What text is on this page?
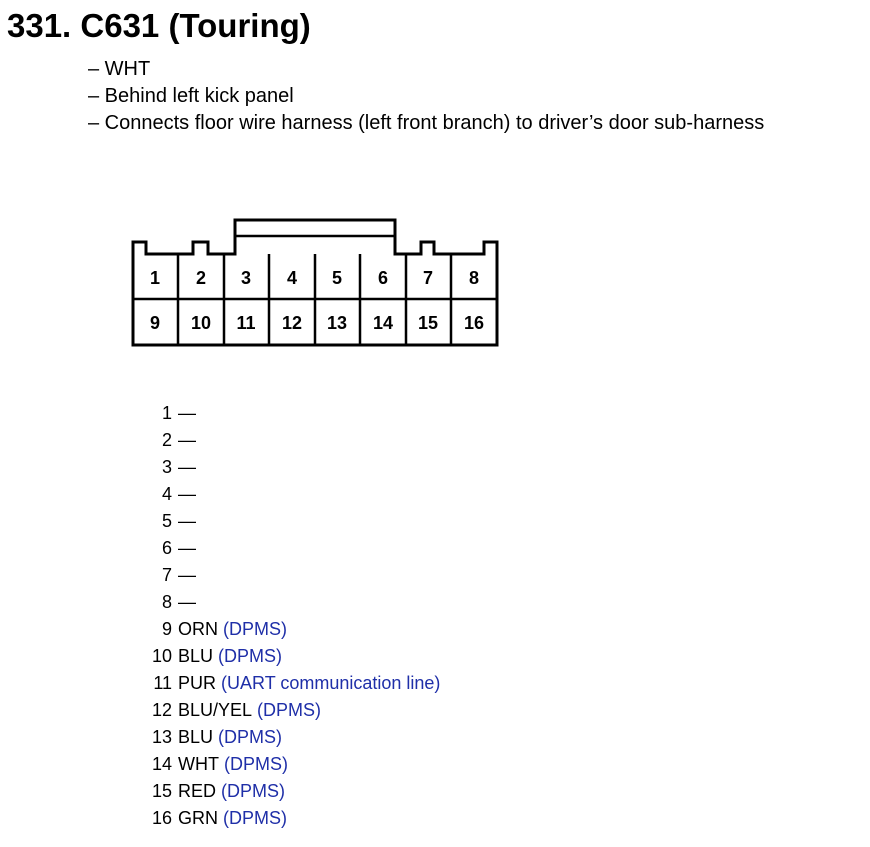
331. C631 (Touring)
– WHT
– Behind left kick panel
– Connects floor wire harness (left front branch) to driver’s door sub-harness
1 2 3 4 5 6 7 8
9 10 11 12 13 14 15 16
1 —
2 —
3 —
4 —
5 —
6 —
7 —
8 —
9 ORN (DPMS)
10 BLU (DPMS)
11 PUR (UART communication line)
12 BLU/YEL (DPMS)
13 BLU (DPMS)
14 WHT (DPMS)
15 RED (DPMS)
16 GRN (DPMS)
